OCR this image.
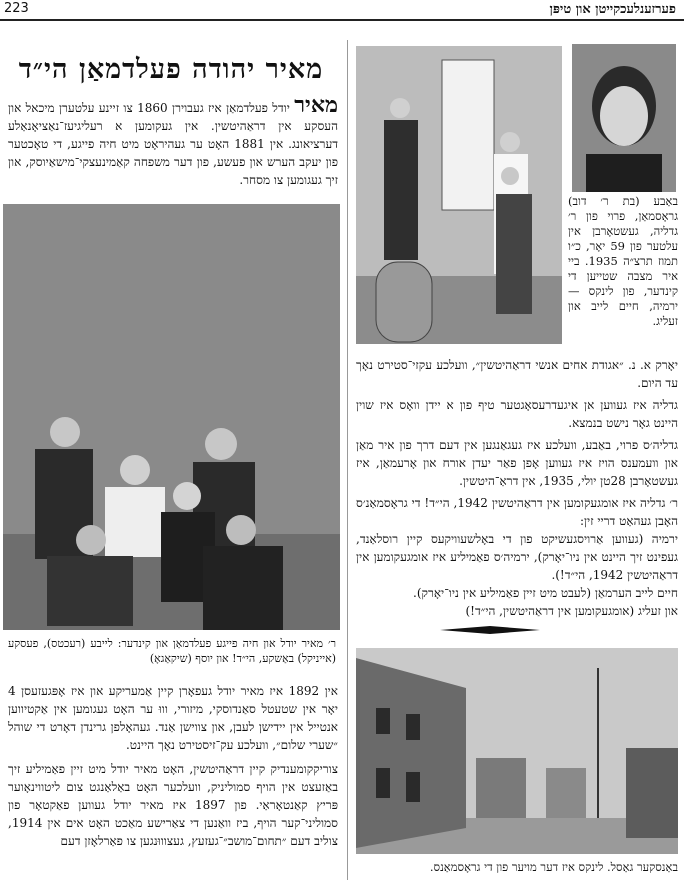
223	פערזענלעכקייטן און טיפּן
מאיר יהודה פעלדמאַן הי״ד

מאיר יודל פעלדמאַן איז געבוירן 1860 צו זיינע עלטערן מיכאל און העסקע אין דראַהיטשין. אין געקומען א רעליגיעז־נאַציאָנאַלע דערציאונג. אין 1881 האָט ער געהיראָט מיט חיה פייגע, די טאָכטער פון יעקב הערש און פעשע, פון דער משפחה קאַמינעצקי־מישאַיוסק, און זיך געגומען צו מסחר.

ר׳ מאיר יודל און חיה פייגע פעלדמאַן און קינדער: לייבע (רעכטס), פעסקע (אייניקל) באַשקע, הי״ד! און יוסף (שיקאַגאָ)

אין 1892 איז מאיר יודל געפאָרן קיין אַמעריקע און איז אָפּגעזעסן 4 יאָר אין שטעטל סאַנדוסקי, מיזורי, וווּ ער האָט געגומען אין אַקטיווען אנטייל אין יידישן לעבן, און צווישן אַנד. געהאָלפן גרינדן דאָרט די שוהל ״שערי שלום״, וועלכע עק־זיסטירט נאָך היינט.

צוריקקומענדיק קיין דראַהיטשין, האָט מאיר יודל מיט זיין פאַמיליע זיך באַזעצט אין הויף סמוליניק, וועלכער האָט באַלאַנגט צום ליטווינאָוער פּריץ קאַנטאָראַי. פון 1897 איז מאיר יודל געווען פאַקטאָר פון סמוליני־קער הויף, ביז וואַנען די צאַרישע מאַכט האָט אים אין 1914, צוליב דעם ״תחום־מושב״־געזעץ, געצוווּנגען צו פאַרלאָזן דעם

באַבע (בת ר׳ דוב) גראָסמאַן, פרוי פון ר׳ גדליה, געשטאָרבן אין עלטער פון 59 יאָר, כ״ו תמוז תרצ״ה 1935. ביי איר מצבה שטייען די קינדער, פון לינקס — ירמיה, חיים לייב און זעליג.

יאָרק א. נ. ״אגודת אחים אנשי דראַהיטשין״, וועלכע עקזי־סטירט נאָך עד היום.

גדליה איז געווען אן איגעדרעסאָגטער טיף פון א יידן וואָס איז שוין היינט גאָר נישט בנמצא.

גדליה׳ס פרוי, באַבע, וועלכע איז געגאַנגען אין דעם דרך פון איר מאַן און וועמענס הויז איז געווען אָפן פאַר יעדן אורח און אָרעמאַן, איז געשטאָרבן 28טן יולי, 1935, אין דראַ־היטשין.

ר׳ גדליה איז אומגעקומען אין דראַהיטשין 1942, הי״ד! די גראָסמאַנ׳ס האָבן געהאַט דריי זין:

ירמיה (געווען אַרויסגעשיקט פון די באָלשעוויקעס קיין רוסלאַנד, געפינט זיך היינט אין ניו־יאָרק), ירמיה׳ס פאַמיליע איז אומגעקומען אין דראַהיטשין 1942, הי״ד!).

חיים לייב הערמאַן (לעבט מיט זיין פאַמיליע אין ניו־יאָרק).

און זעליג (אומגעקומען אין דראַהיטשין, הי״ד!)

באַנסקער גאַסל. לינקס איז דער מויער פון די גראָסמאַנס.
